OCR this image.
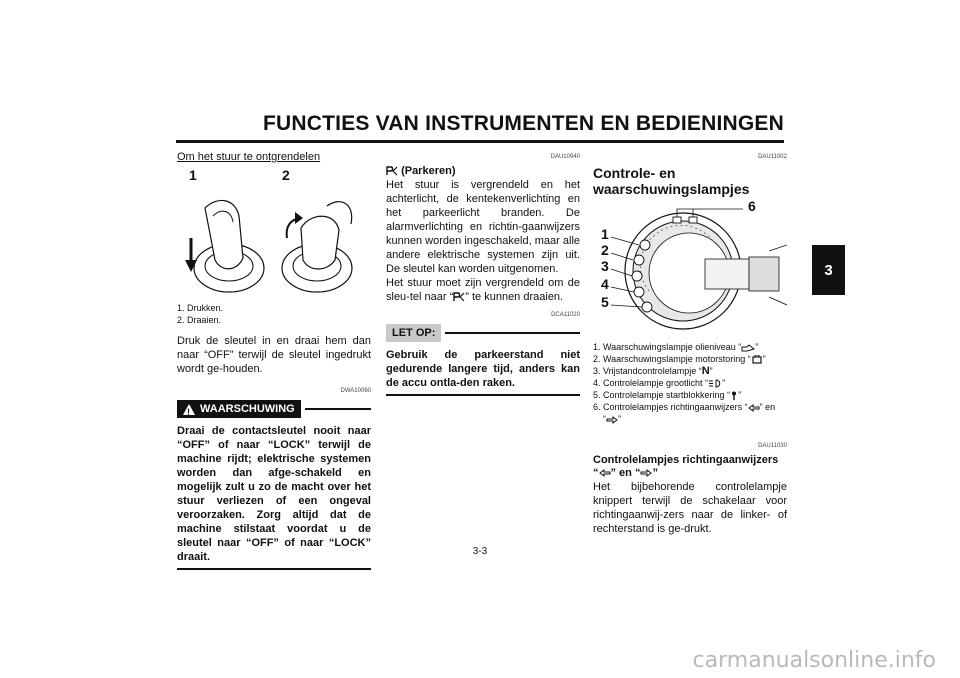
FUNCTIES VAN INSTRUMENTEN EN BEDIENINGEN
3

Om het stuur te ontgrendelen

1	2
1. Drukken.
2. Draaien.

Druk de sleutel in en draai hem dan naar “OFF” terwijl de sleutel ingedrukt wordt ge-houden.

DWA10060
! WAARSCHUWING

Draai de contactsleutel nooit naar “OFF” of naar “LOCK” terwijl de machine rijdt; elektrische systemen worden dan afge-schakeld en mogelijk zult u zo de macht over het stuur verliezen of een ongeval veroorzaken. Zorg altijd dat de machine stilstaat voordat u de sleutel naar “OFF” of naar “LOCK” draait.

DAU10940

(Parkeren)

Het stuur is vergrendeld en het achterlicht, de kentekenverlichting en het parkeerlicht branden. De alarmverlichting en richtin-gaanwijzers kunnen worden ingeschakeld, maar alle andere elektrische systemen zijn uit. De sleutel kan worden uitgenomen.

Het stuur moet zijn vergrendeld om de sleu-tel naar “ ” te kunnen draaien.

DCA11020
LET OP:

Gebruik de parkeerstand niet gedurende langere tijd, anders kan de accu ontla-den raken.

DAU11002

Controle- en

waarschuwingslampjes

1
2
3
4
5
6
1. Waarschuwingslampje olieniveau “ ”
2. Waarschuwingslampje motorstoring “ ”
3. Vrijstandcontrolelampje “N”
4. Controlelampje grootlicht “ ”
5. Controlelampje startblokkering “ ”
6. Controlelampjes richtingaanwijzers “ ” en
“ ”
DAU11030

Controlelampjes richtingaanwijzers

“ ” en “ ”

Het bijbehorende controlelampje knippert terwijl de schakelaar voor richtingaanwij-zers naar de linker- of rechterstand is ge-drukt.

3-3
carmanualsonline.info
